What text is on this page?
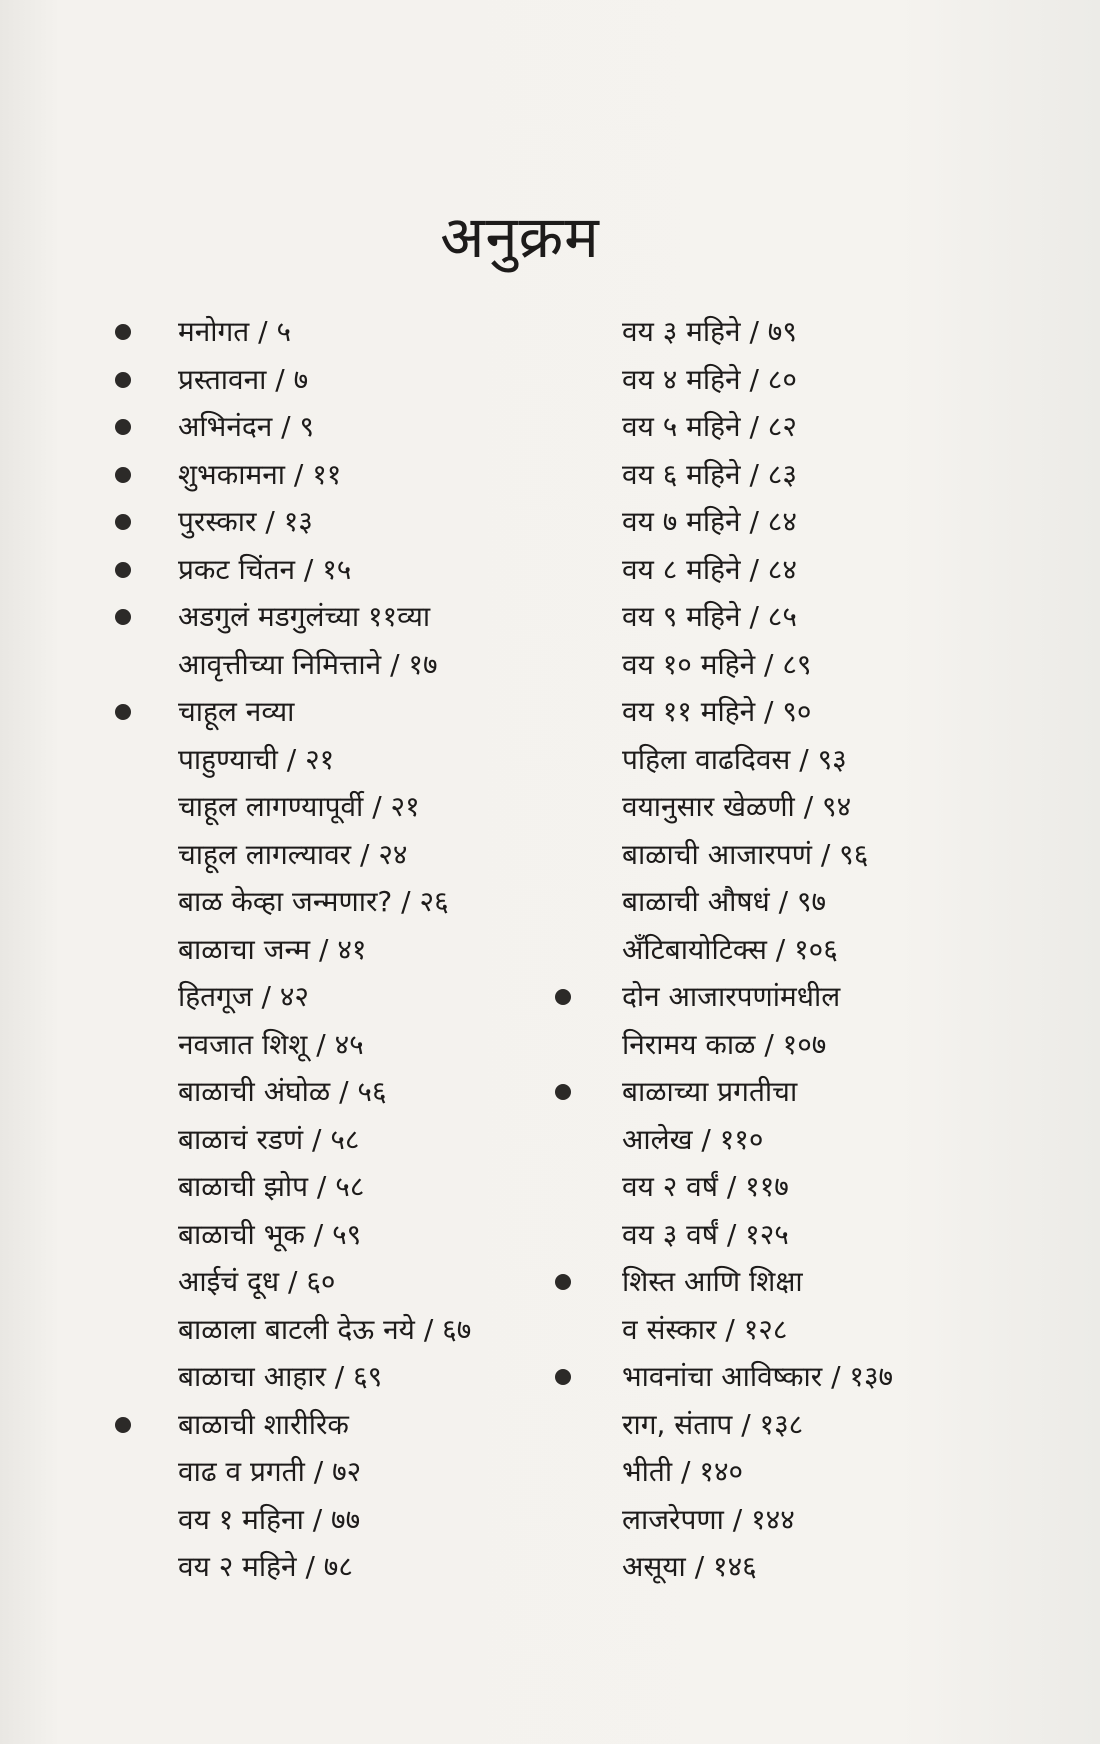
अनुक्रम
मनोगत / ५
प्रस्तावना / ७
अभिनंदन / ९
शुभकामना / ११
पुरस्कार / १३
प्रकट चिंतन / १५
अडगुलं मडगुलंच्या ११व्या
आवृत्तीच्या निमित्ताने / १७
चाहूल नव्या
पाहुण्याची / २१
चाहूल लागण्यापूर्वी / २१
चाहूल लागल्यावर / २४
बाळ केव्हा जन्मणार? / २६
बाळाचा जन्म / ४१
हितगूज / ४२
नवजात शिशू / ४५
बाळाची अंघोळ / ५६
बाळाचं रडणं / ५८
बाळाची झोप / ५८
बाळाची भूक / ५९
आईचं दूध / ६०
बाळाला बाटली देऊ नये / ६७
बाळाचा आहार / ६९
बाळाची शारीरिक
वाढ व प्रगती / ७२
वय १ महिना / ७७
वय २ महिने / ७८
वय ३ महिने / ७९
वय ४ महिने / ८०
वय ५ महिने / ८२
वय ६ महिने / ८३
वय ७ महिने / ८४
वय ८ महिने / ८४
वय ९ महिने / ८५
वय १० महिने / ८९
वय ११ महिने / ९०
पहिला वाढदिवस / ९३
वयानुसार खेळणी / ९४
बाळाची आजारपणं / ९६
बाळाची औषधं / ९७
अँटिबायोटिक्स / १०६
दोन आजारपणांमधील
निरामय काळ / १०७
बाळाच्या प्रगतीचा
आलेख / ११०
वय २ वर्षं / ११७
वय ३ वर्षं / १२५
शिस्त आणि शिक्षा
व संस्कार / १२८
भावनांचा आविष्कार / १३७
राग, संताप / १३८
भीती / १४०
लाजरेपणा / १४४
असूया / १४६
